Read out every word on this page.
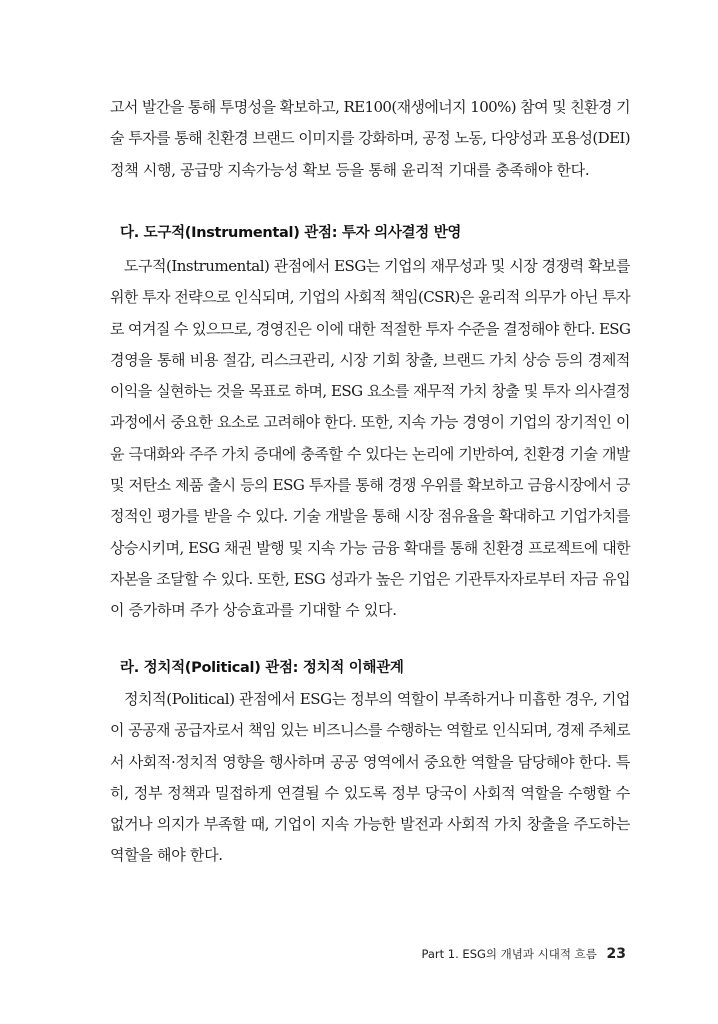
고서 발간을 통해 투명성을 확보하고, RE100(재생에너지 100%) 참여 및 친환경 기
술 투자를 통해 친환경 브랜드 이미지를 강화하며, 공정 노동, 다양성과 포용성(DEI)
정책 시행, 공급망 지속가능성 확보 등을 통해 윤리적 기대를 충족해야 한다.
다. 도구적(Instrumental) 관점: 투자 의사결정 반영
도구적(Instrumental) 관점에서 ESG는 기업의 재무성과 및 시장 경쟁력 확보를
위한 투자 전략으로 인식되며, 기업의 사회적 책임(CSR)은 윤리적 의무가 아닌 투자
로 여겨질 수 있으므로, 경영진은 이에 대한 적절한 투자 수준을 결정해야 한다. ESG
경영을 통해 비용 절감, 리스크관리, 시장 기회 창출, 브랜드 가치 상승 등의 경제적
이익을 실현하는 것을 목표로 하며, ESG 요소를 재무적 가치 창출 및 투자 의사결정
과정에서 중요한 요소로 고려해야 한다. 또한, 지속 가능 경영이 기업의 장기적인 이
윤 극대화와 주주 가치 증대에 충족할 수 있다는 논리에 기반하여, 친환경 기술 개발
및 저탄소 제품 출시 등의 ESG 투자를 통해 경쟁 우위를 확보하고 금융시장에서 긍
정적인 평가를 받을 수 있다. 기술 개발을 통해 시장 점유율을 확대하고 기업가치를
상승시키며, ESG 채권 발행 및 지속 가능 금융 확대를 통해 친환경 프로젝트에 대한
자본을 조달할 수 있다. 또한, ESG 성과가 높은 기업은 기관투자자로부터 자금 유입
이 증가하며 주가 상승효과를 기대할 수 있다.
라. 정치적(Political) 관점: 정치적 이해관계
정치적(Political) 관점에서 ESG는 정부의 역할이 부족하거나 미흡한 경우, 기업
이 공공재 공급자로서 책임 있는 비즈니스를 수행하는 역할로 인식되며, 경제 주체로
서 사회적·정치적 영향을 행사하며 공공 영역에서 중요한 역할을 담당해야 한다. 특
히, 정부 정책과 밀접하게 연결될 수 있도록 정부 당국이 사회적 역할을 수행할 수
없거나 의지가 부족할 때, 기업이 지속 가능한 발전과 사회적 가치 창출을 주도하는
역할을 해야 한다.
Part 1. ESG의 개념과 시대적 흐름 23
